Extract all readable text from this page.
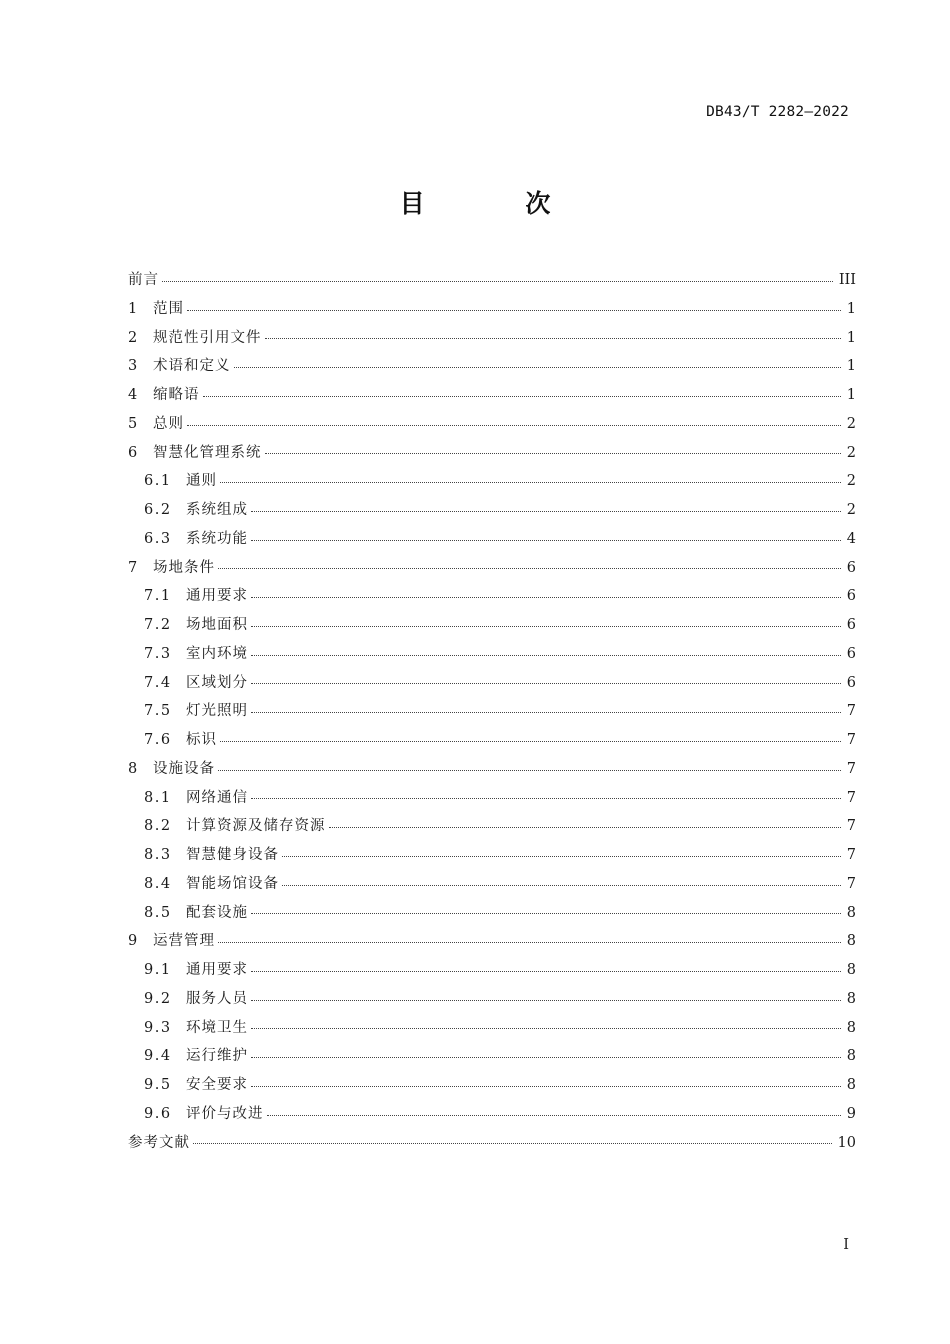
DB43/T 2282—2022
目 次
前言	III
1	范围	1
2	规范性引用文件	1
3	术语和定义	1
4	缩略语	1
5	总则	2
6	智慧化管理系统	2
6.1 通则	2
6.2 系统组成	2
6.3 系统功能	4
7	场地条件	6
7.1 通用要求	6
7.2 场地面积	6
7.3 室内环境	6
7.4 区域划分	6
7.5 灯光照明	7
7.6 标识	7
8	设施设备	7
8.1 网络通信	7
8.2 计算资源及储存资源	7
8.3 智慧健身设备	7
8.4 智能场馆设备	7
8.5 配套设施	8
9	运营管理	8
9.1 通用要求	8
9.2 服务人员	8
9.3 环境卫生	8
9.4 运行维护	8
9.5 安全要求	8
9.6 评价与改进	9
参考文献	10
I
